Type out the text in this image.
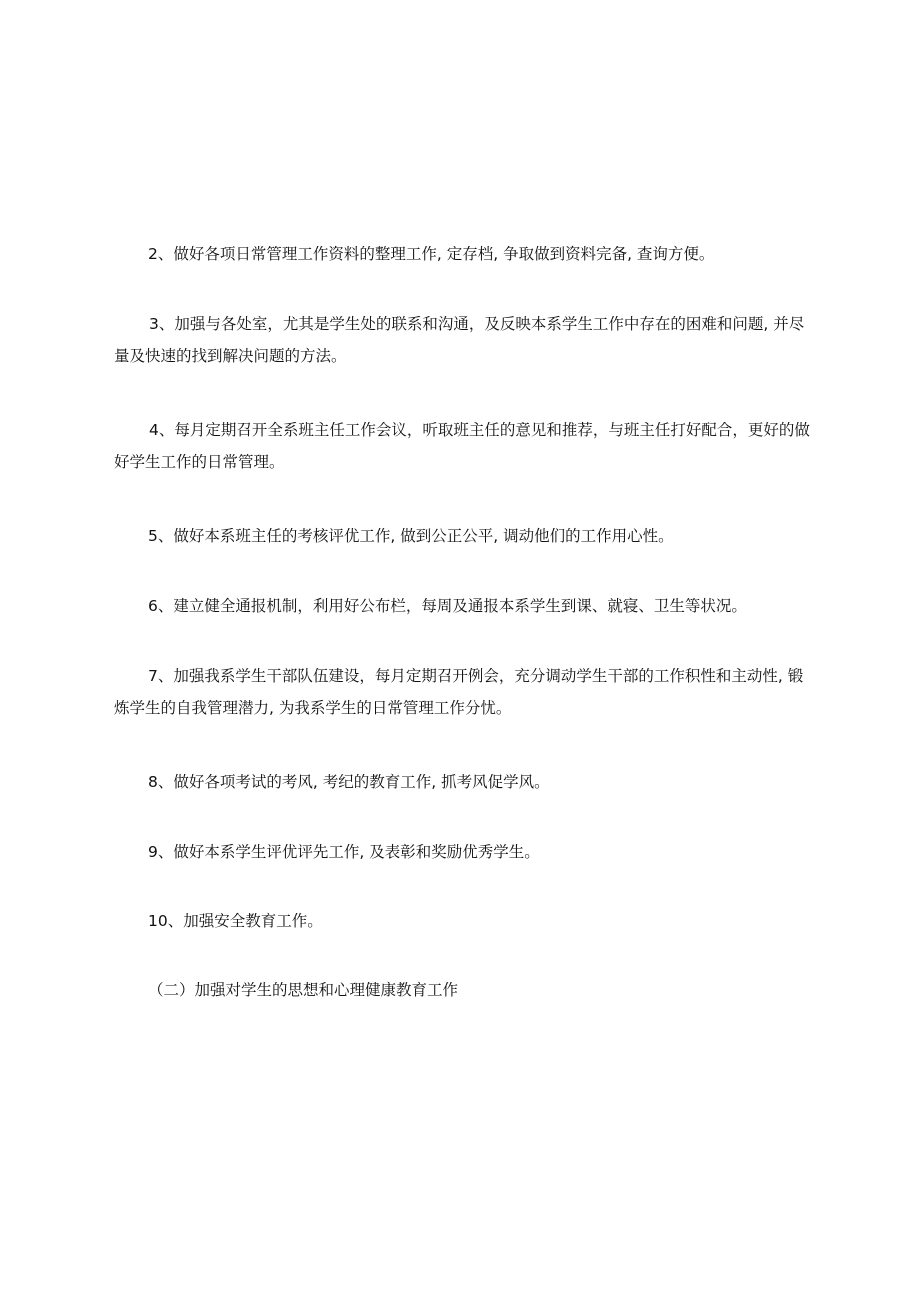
2、做好各项日常管理工作资料的整理工作, 定存档, 争取做到资料完备, 查询方便。

3、加强与各处室，尤其是学生处的联系和沟通，及反映本系学生工作中存在的困难和问题, 并尽量及快速的找到解决问题的方法。

4、每月定期召开全系班主任工作会议，听取班主任的意见和推荐，与班主任打好配合，更好的做好学生工作的日常管理。

5、做好本系班主任的考核评优工作, 做到公正公平, 调动他们的工作用心性。

6、建立健全通报机制，利用好公布栏，每周及通报本系学生到课、就寝、卫生等状况。

7、加强我系学生干部队伍建设，每月定期召开例会，充分调动学生干部的工作积性和主动性, 锻炼学生的自我管理潜力, 为我系学生的日常管理工作分忧。

8、做好各项考试的考风, 考纪的教育工作, 抓考风促学风。

9、做好本系学生评优评先工作, 及表彰和奖励优秀学生。

10、加强安全教育工作。

（二）加强对学生的思想和心理健康教育工作
